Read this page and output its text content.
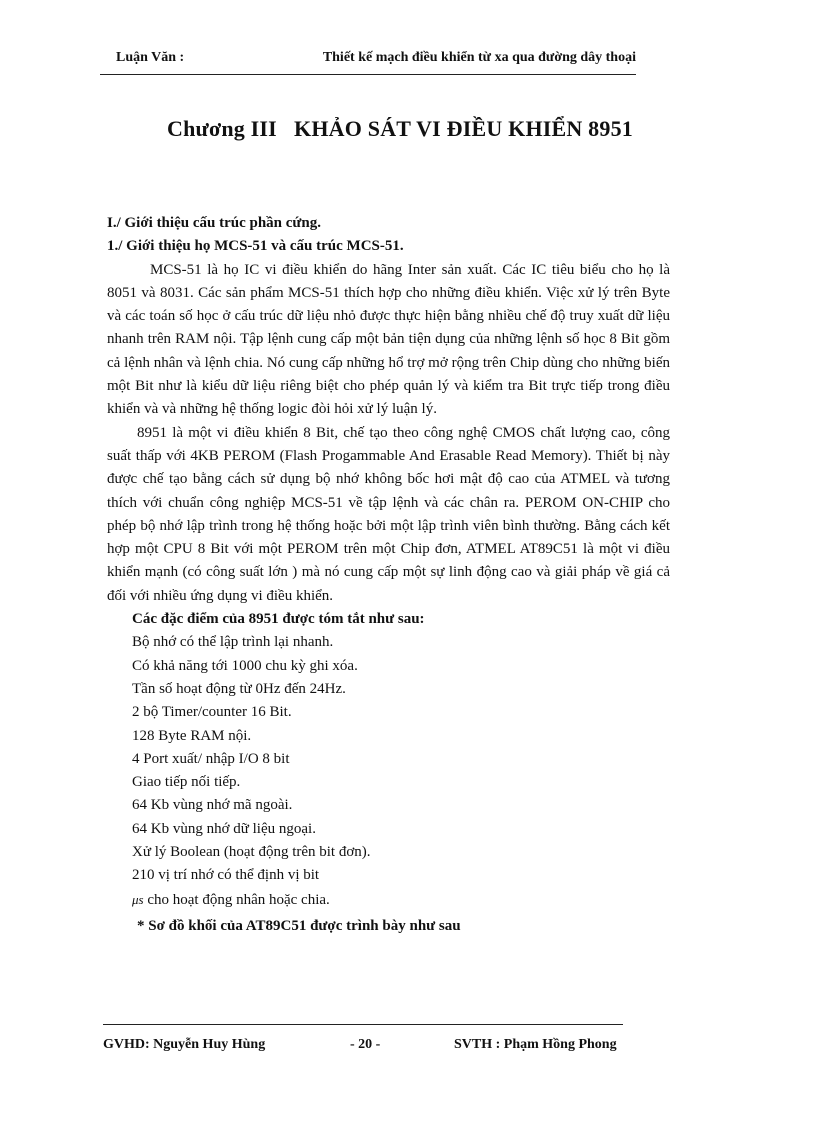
Luận Văn :	Thiết kế mạch điều khiển từ xa qua đường dây thoại
Chương III   KHẢO SÁT VI ĐIỀU KHIỂN 8951

I./ Giới thiệu cấu trúc phần cứng.

1./ Giới thiệu họ MCS-51 và cấu trúc MCS-51.

MCS-51 là họ IC vi điều khiển do hãng Inter sản xuất. Các IC tiêu biểu cho họ là 8051 và 8031. Các sản phẩm MCS-51 thích hợp cho những điều khiển. Việc xử lý trên Byte và các toán số học ở cấu trúc dữ liệu nhỏ được thực hiện bằng nhiều chế độ truy xuất dữ liệu nhanh trên RAM nội. Tập lệnh cung cấp một bản tiện dụng của những lệnh số học 8 Bit gồm cả lệnh nhân và lệnh chia. Nó cung cấp những hổ trợ mở rộng trên Chip dùng cho những biến một Bit như là kiểu dữ liệu riêng biệt cho phép quản lý và kiểm tra Bit trực tiếp trong điều khiển và và những hệ thống logic đòi hỏi xử lý luận lý.

8951 là một vi điều khiển 8 Bit, chế tạo theo công nghệ CMOS chất lượng cao, công suất thấp với 4KB PEROM (Flash Progammable And Erasable Read Memory). Thiết bị này được chế tạo bằng cách sử dụng bộ nhớ không bốc hơi mật độ cao của ATMEL và tương thích với chuẩn công nghiệp MCS-51 về tập lệnh và các chân ra. PEROM ON-CHIP cho phép bộ nhớ lập trình trong hệ thống hoặc bởi một lập trình viên bình thường. Bằng cách kết hợp một CPU 8 Bit với một PEROM trên một Chip đơn, ATMEL AT89C51 là một vi điều khiển mạnh (có công suất lớn ) mà nó cung cấp một sự linh động cao và giải pháp về giá cả đối với nhiều ứng dụng vi điều khiển.

Các đặc điểm của 8951 được tóm tắt như sau:

Bộ nhớ có thể lập trình lại nhanh.
Có khả năng tới 1000 chu kỳ ghi xóa.
Tần số hoạt động từ 0Hz đến 24Hz.
2 bộ Timer/counter 16 Bit.
128 Byte RAM nội.
4 Port xuất/ nhập I/O 8 bit
Giao tiếp nối tiếp.
64 Kb vùng nhớ mã ngoài.
64 Kb vùng nhớ dữ liệu ngoại.
Xử lý Boolean (hoạt động trên bit đơn).
210 vị trí nhớ có thể định vị bit
μs cho hoạt động nhân hoặc chia.

* Sơ đồ khối của AT89C51 được trình bày như sau

GVHD: Nguyễn Huy Hùng	- 20 -	SVTH : Phạm Hồng Phong
